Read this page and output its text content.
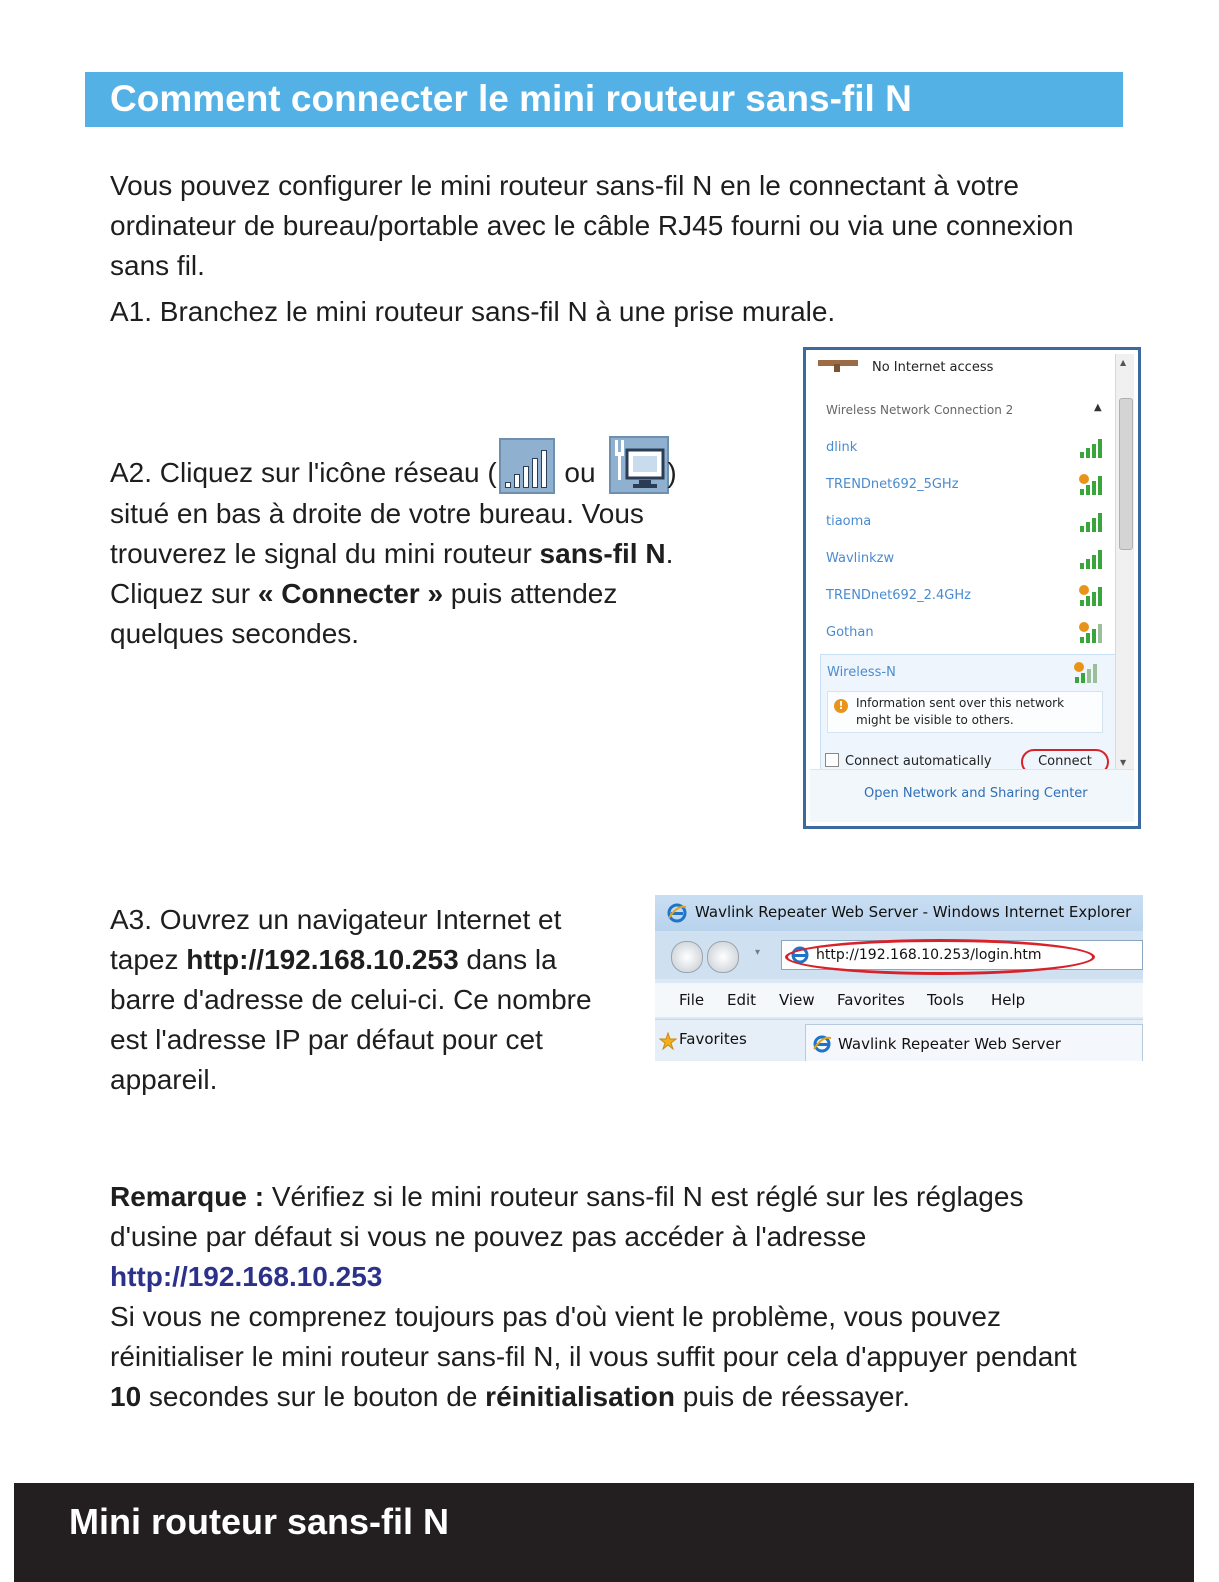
Comment connecter le mini routeur sans-fil N

Vous pouvez configurer le mini routeur sans-fil N en le connectant à votre ordinateur de bureau/portable avec le câble RJ45 fourni ou via une connexion sans fil.

A1. Branchez le mini routeur sans-fil N à une prise murale.

A2. Cliquez sur l'icône réseau ( ou	)

situé en bas à droite de votre bureau. Vous

trouverez le signal du mini routeur sans-fil N.

Cliquez sur « Connecter » puis attendez

quelques secondes.

No Internet access
Wireless Network Connection 2	▲
▲
▼
dlink
TRENDnet692_5GHz
tiaoma
Wavlinkzw
TRENDnet692_2.4GHz
Gothan
Wireless-N
!	Information sent over this network might be visible to others.
Connect automatically	Connect
Open Network and Sharing Center

A3. Ouvrez un navigateur Internet et

tapez http://192.168.10.253 dans la

barre d'adresse de celui-ci. Ce nombre

est l'adresse IP par défaut pour cet

appareil.

Wavlink Repeater Web Server - Windows Internet Explorer
▾	http://192.168.10.253/login.htm
File Edit View Favorites Tools Help
Favorites	Wavlink Repeater Web Server

Remarque : Vérifiez si le mini routeur sans-fil N est réglé sur les réglages

d'usine par défaut si vous ne pouvez pas accéder à l'adresse

http://192.168.10.253

Si vous ne comprenez toujours pas d'où vient le problème, vous pouvez

réinitialiser le mini routeur sans-fil N, il vous suffit pour cela d'appuyer pendant

10 secondes sur le bouton de réinitialisation puis de réessayer.

Mini routeur sans-fil N
